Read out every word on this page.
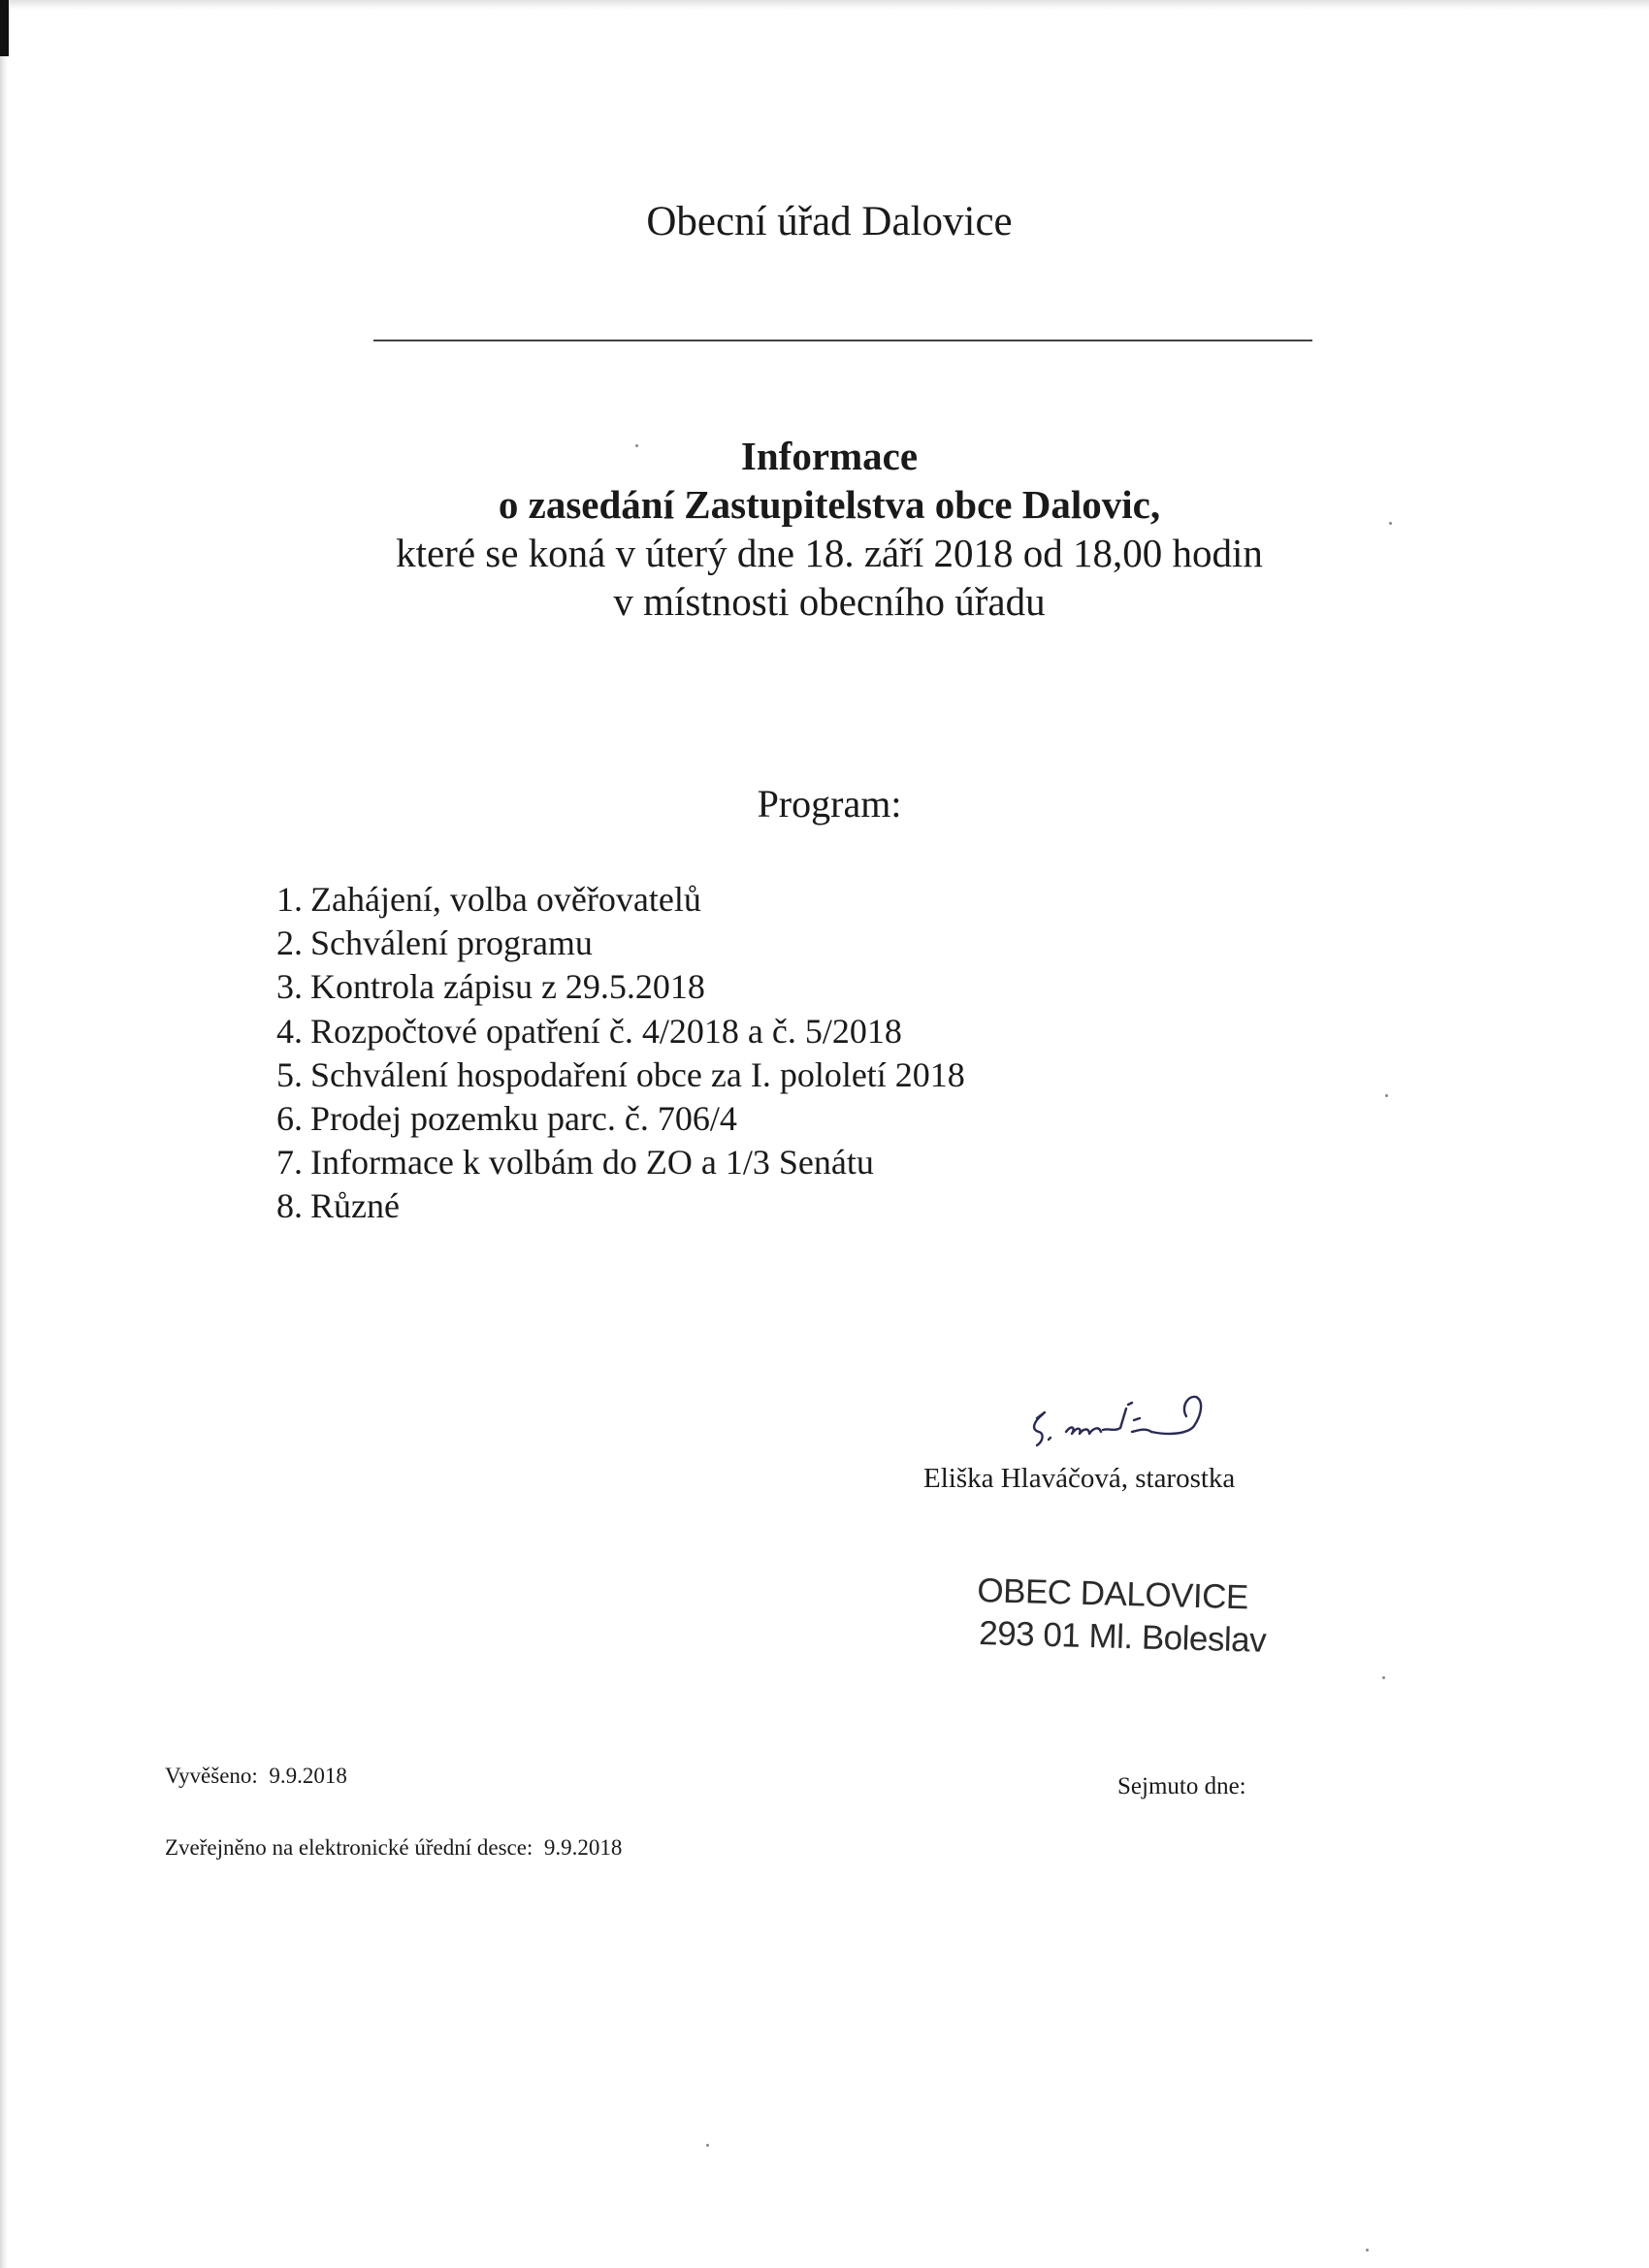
Obecní úřad Dalovice
Informace
o zasedání Zastupitelstva obce Dalovic,
které se koná v úterý dne 18. září 2018 od 18,00 hodin
v místnosti obecního úřadu
Program:
1. Zahájení, volba ověřovatelů
2. Schválení programu
3. Kontrola zápisu z 29.5.2018
4. Rozpočtové opatření č. 4/2018 a č. 5/2018
5. Schválení hospodaření obce za I. pololetí 2018
6. Prodej pozemku parc. č. 706/4
7. Informace k volbám do ZO a 1/3 Senátu
8. Různé
Eliška Hlaváčová, starostka
OBEC DALOVICE
293 01 Ml. Boleslav
Vyvěšeno: 9.9.2018	Sejmuto dne:
Zveřejněno na elektronické úřední desce: 9.9.2018
